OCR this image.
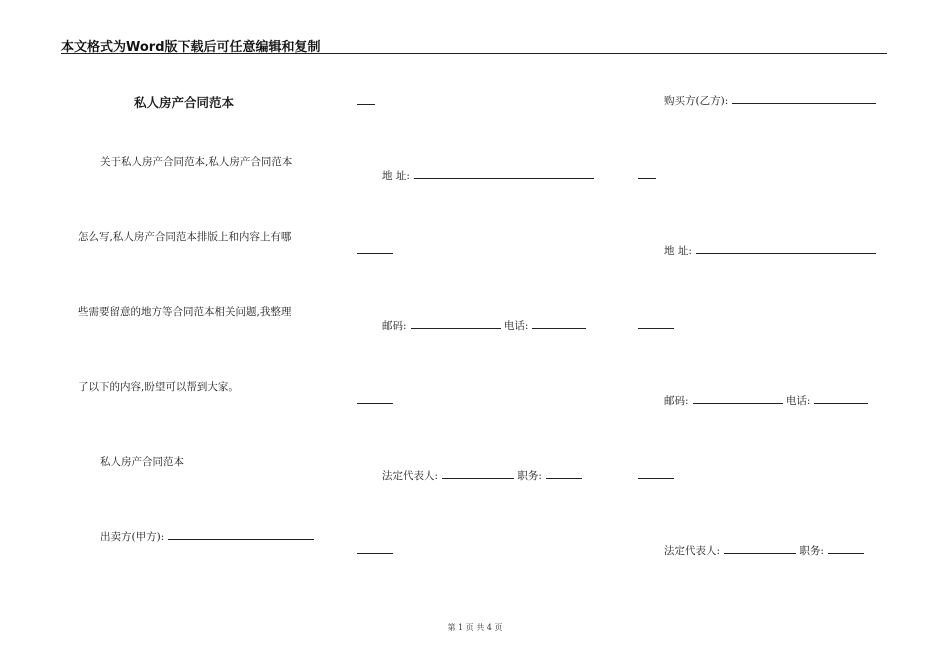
本文格式为Word版下载后可任意编辑和复制
私人房产合同范本
关于私人房产合同范本,私人房产合同范本
怎么写,私人房产合同范本排版上和内容上有哪
些需要留意的地方等合同范本相关问题,我整理
了以下的内容,盼望可以帮到大家。
私人房产合同范本
出卖方(甲方):
地 址:
邮码:	电话:
法定代表人:	职务:
购买方(乙方):
地 址:
邮码:	电话:
法定代表人:	职务:
第 1 页 共 4 页
